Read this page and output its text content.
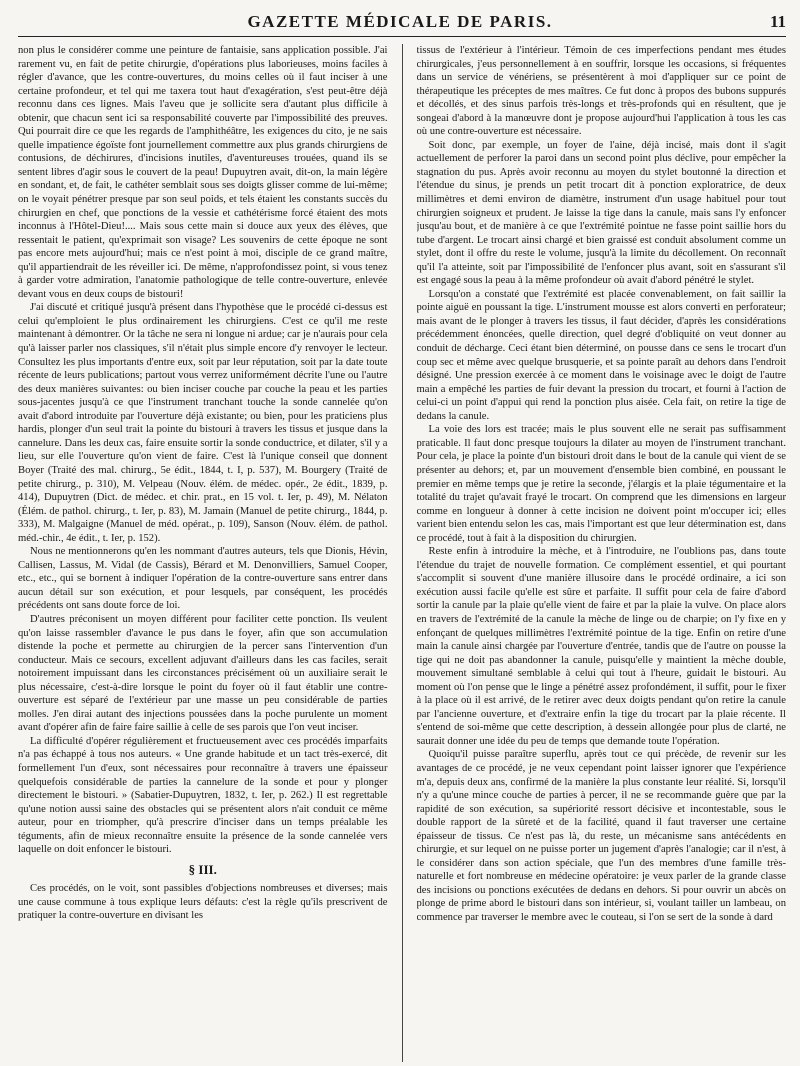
GAZETTE MÉDICALE DE PARIS.	11

non plus le considérer comme une peinture de fantaisie, sans application possible. J'ai rarement vu, en fait de petite chirurgie, d'opérations plus laborieuses, moins faciles à régler d'avance, que les contre-ouvertures, du moins celles où il faut inciser à une certaine profondeur, et tel qui me taxera tout haut d'exagération, s'est peut-être déjà reconnu dans ces lignes. Mais l'aveu que je sollicite sera d'autant plus difficile à obtenir, que chacun sent ici sa responsabilité couverte par l'impossibilité des preuves. Qui pourrait dire ce que les regards de l'amphithéâtre, les exigences du cito, je ne sais quelle impatience égoïste font journellement commettre aux plus grands chirurgiens de contusions, de déchirures, d'incisions inutiles, d'aventureuses trouées, quand ils se sentent libres d'agir sous le couvert de la peau! Dupuytren avait, dit-on, la main légère en sondant, et, de fait, le cathéter semblait sous ses doigts glisser comme de lui-même; on le voyait pénétrer presque par son seul poids, et tels étaient les constants succès du chirurgien en chef, que ponctions de la vessie et cathétérisme forcé étaient des mots inconnus à l'Hôtel-Dieu!.... Mais sous cette main si douce aux yeux des élèves, que ressentait le patient, qu'exprimait son visage? Les souvenirs de cette époque ne sont pas encore mets aujourd'hui; mais ce n'est point à moi, disciple de ce grand maître, qu'il appartiendrait de les réveiller ici. De même, n'approfondissez point, si vous tenez à garder votre admiration, l'anatomie pathologique de telle contre-ouverture, enlevée devant vous en deux coups de bistouri!

J'ai discuté et critiqué jusqu'à présent dans l'hypothèse que le procédé ci-dessus est celui qu'emploient le plus ordinairement les chirurgiens. C'est ce qu'il me reste maintenant à démontrer. Or la tâche ne sera ni longue ni ardue; car je n'aurais pour cela qu'à laisser parler nos classiques, s'il n'était plus simple encore d'y renvoyer le lecteur. Consultez les plus importants d'entre eux, soit par leur réputation, soit par la date toute récente de leurs publications; partout vous verrez uniformément décrite l'une ou l'autre des deux manières suivantes: ou bien inciser couche par couche la peau et les parties sous-jacentes jusqu'à ce que l'instrument tranchant touche la sonde cannelée qu'on avait d'abord introduite par l'ouverture déjà existante; ou bien, pour les praticiens plus hardis, plonger d'un seul trait la pointe du bistouri à travers les tissus et jusque dans la cannelure. Dans les deux cas, faire ensuite sortir la sonde conductrice, et dilater, s'il y a lieu, sur elle l'ouverture qu'on vient de faire. C'est là l'unique conseil que donnent Boyer (Traité des mal. chirurg., 5e édit., 1844, t. I, p. 537), M. Bourgery (Traité de petite chirurg., p. 310), M. Velpeau (Nouv. élém. de médec. opér., 2e édit., 1839, p. 414), Dupuytren (Dict. de médec. et chir. prat., en 15 vol. t. Ier, p. 49), M. Nélaton (Élém. de pathol. chirurg., t. Ier, p. 83), M. Jamain (Manuel de petite chirurg., 1844, p. 333), M. Malgaigne (Manuel de méd. opérat., p. 109), Sanson (Nouv. élém. de pathol. méd.-chir., 4e édit., t. Ier, p. 152).

Nous ne mentionnerons qu'en les nommant d'autres auteurs, tels que Dionis, Hévin, Callisen, Lassus, M. Vidal (de Cassis), Bérard et M. Denonvilliers, Samuel Cooper, etc., etc., qui se bornent à indiquer l'opération de la contre-ouverture sans entrer dans aucun détail sur son exécution, et pour lesquels, par conséquent, les procédés précédents ont sans doute force de loi.

D'autres préconisent un moyen différent pour faciliter cette ponction. Ils veulent qu'on laisse rassembler d'avance le pus dans le foyer, afin que son accumulation distende la poche et permette au chirurgien de la percer sans l'intervention d'un conducteur. Mais ce secours, excellent adjuvant d'ailleurs dans les cas faciles, serait notoirement impuissant dans les circonstances précisément où un auxiliaire serait le plus nécessaire, c'est-à-dire lorsque le point du foyer où il faut établir une contre-ouverture est séparé de l'extérieur par une masse un peu considérable de parties molles. J'en dirai autant des injections poussées dans la poche purulente un moment avant d'opérer afin de faire faire saillie à celle de ses parois que l'on veut inciser.

La difficulté d'opérer régulièrement et fructueusement avec ces procédés imparfaits n'a pas échappé à tous nos auteurs. « Une grande habitude et un tact très-exercé, dit formellement l'un d'eux, sont nécessaires pour reconnaître à travers une épaisseur quelquefois considérable de parties la cannelure de la sonde et pour y plonger directement le bistouri. » (Sabatier-Dupuytren, 1832, t. Ier, p. 262.) Il est regrettable qu'une notion aussi saine des obstacles qui se présentent alors n'ait conduit ce même auteur, pour en triompher, qu'à prescrire d'inciser dans un temps préalable les téguments, afin de mieux reconnaître ensuite la présence de la sonde cannelée vers laquelle on doit enfoncer le bistouri.

§ III.

Ces procédés, on le voit, sont passibles d'objections nombreuses et diverses; mais une cause commune à tous explique leurs défauts: c'est la règle qu'ils prescrivent de pratiquer la contre-ouverture en divisant les

tissus de l'extérieur à l'intérieur. Témoin de ces imperfections pendant mes études chirurgicales, j'eus personnellement à en souffrir, lorsque les occasions, si fréquentes dans un service de vénériens, se présentèrent à moi d'appliquer sur ce point de thérapeutique les préceptes de mes maîtres. Ce fut donc à propos des bubons suppurés et décollés, et des sinus parfois très-longs et très-profonds qui en résultent, que je songeai d'abord à la manœuvre dont je propose aujourd'hui l'application à tous les cas où une contre-ouverture est nécessaire.

Soit donc, par exemple, un foyer de l'aine, déjà incisé, mais dont il s'agit actuellement de perforer la paroi dans un second point plus déclive, pour empêcher la stagnation du pus. Après avoir reconnu au moyen du stylet boutonné la direction et l'étendue du sinus, je prends un petit trocart dit à ponction exploratrice, de deux millimètres et demi environ de diamètre, instrument d'un usage habituel pour tout chirurgien soigneux et prudent. Je laisse la tige dans la canule, mais sans l'y enfoncer jusqu'au bout, et de manière à ce que l'extrémité pointue ne fasse point saillie hors du tube d'argent. Le trocart ainsi chargé et bien graissé est conduit absolument comme un stylet, dont il offre du reste le volume, jusqu'à la limite du décollement. On reconnaît qu'il l'a atteinte, soit par l'impossibilité de l'enfoncer plus avant, soit en s'assurant s'il est engagé sous la peau à la même profondeur où avait d'abord pénétré le stylet.

Lorsqu'on a constaté que l'extrémité est placée convenablement, on fait saillir la pointe aiguë en poussant la tige. L'instrument mousse est alors converti en perforateur; mais avant de le plonger à travers les tissus, il faut décider, d'après les considérations précédemment énoncées, quelle direction, quel degré d'obliquité on veut donner au conduit de décharge. Ceci étant bien déterminé, on pousse dans ce sens le trocart d'un coup sec et même avec quelque brusquerie, et sa pointe paraît au dehors dans l'endroit désigné. Une pression exercée à ce moment dans le voisinage avec le doigt de l'autre main a empêché les parties de fuir devant la pression du trocart, et fourni à l'action de celui-ci un point d'appui qui rend la ponction plus aisée. Cela fait, on retire la tige de dedans la canule.

La voie des lors est tracée; mais le plus souvent elle ne serait pas suffisamment praticable. Il faut donc presque toujours la dilater au moyen de l'instrument tranchant. Pour cela, je place la pointe d'un bistouri droit dans le bout de la canule qui vient de se présenter au dehors; et, par un mouvement d'ensemble bien combiné, en poussant le premier en même temps que je retire la seconde, j'élargis et la plaie tégumentaire et la totalité du trajet qu'avait frayé le trocart. On comprend que les dimensions en largeur comme en longueur à donner à cette incision ne doivent point m'occuper ici; elles varient bien entendu selon les cas, mais l'important est que leur détermination est, dans ce procédé, tout à fait à la disposition du chirurgien.

Reste enfin à introduire la mèche, et à l'introduire, ne l'oublions pas, dans toute l'étendue du trajet de nouvelle formation. Ce complément essentiel, et qui pourtant s'accomplit si souvent d'une manière illusoire dans le procédé ordinaire, a ici son exécution aussi facile qu'elle est sûre et parfaite. Il suffit pour cela de faire d'abord sortir la canule par la plaie qu'elle vient de faire et par la plaie la vulve. On place alors en travers de l'extrémité de la canule la mèche de linge ou de charpie; on l'y fixe en y enfonçant de quelques millimètres l'extrémité pointue de la tige. Enfin on retire d'une main la canule ainsi chargée par l'ouverture d'entrée, tandis que de l'autre on pousse la tige qui ne doit pas abandonner la canule, puisqu'elle y maintient la mèche double, mouvement simultané semblable à celui qui tout à l'heure, guidait le bistouri. Au moment où l'on pense que le linge a pénétré assez profondément, il suffit, pour le fixer à la place où il est arrivé, de le retirer avec deux doigts pendant qu'on retire la canule par l'ancienne ouverture, et d'extraire enfin la tige du trocart par la plaie récente. Il s'entend de soi-même que cette description, à dessein allongée pour plus de clarté, ne saurait donner une idée du peu de temps que demande toute l'opération.

Quoiqu'il puisse paraître superflu, après tout ce qui précède, de revenir sur les avantages de ce procédé, je ne veux cependant point laisser ignorer que l'expérience m'a, depuis deux ans, confirmé de la manière la plus constante leur réalité. Si, lorsqu'il n'y a qu'une mince couche de parties à percer, il ne se recommande guère que par la rapidité de son exécution, sa supériorité ressort décisive et incontestable, sous le double rapport de la sûreté et de la facilité, quand il faut traverser une certaine épaisseur de tissus. Ce n'est pas là, du reste, un mécanisme sans antécédents en chirurgie, et sur lequel on ne puisse porter un jugement d'après l'analogie; car il n'est, à le considérer dans son action spéciale, que l'un des membres d'une famille très-naturelle et fort nombreuse en médecine opératoire: je veux parler de la grande classe des incisions ou ponctions exécutées de dedans en dehors. Si pour ouvrir un abcès on plonge de prime abord le bistouri dans son intérieur, si, voulant tailler un lambeau, on commence par traverser le membre avec le couteau, si l'on se sert de la sonde à dard
